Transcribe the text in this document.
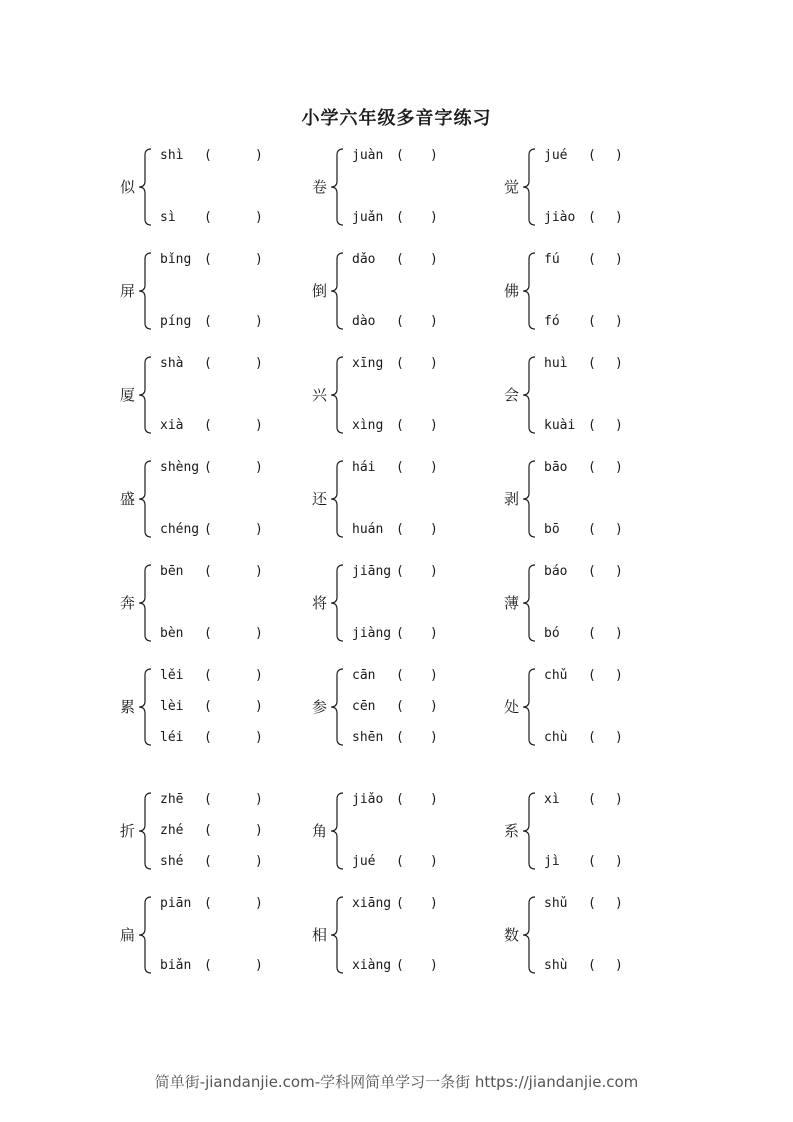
小学六年级多音字练习
似
shì (	)
sì (	)
屏
bǐng (	)
píng (	)
厦
shà (	)
xià (	)
盛
shèng (	)
chéng (	)
奔
bēn (	)
bèn (	)
累
lěi (	)
lèi (	)
léi (	)
折
zhē (	)
zhé (	)
shé (	)
扁
piān (	)
biǎn (	)
卷
juàn ( )
juǎn ( )
倒
dǎo ( )
dào ( )
兴
xīng ( )
xìng ( )
还
hái ( )
huán ( )
将
jiāng ( )
jiàng ( )
参
cān ( )
cēn ( )
shēn ( )
角
jiǎo ( )
jué ( )
相
xiāng ( )
xiàng ( )
觉
jué ( )
jiào ( )
佛
fú ( )
fó ( )
会
huì ( )
kuài ( )
剥
bāo ( )
bō ( )
薄
báo ( )
bó ( )
处
chǔ ( )
chù ( )
系
xì ( )
jì ( )
数
shǔ ( )
shù ( )
简单街-jiandanjie.com-学科网简单学习一条街 https://jiandanjie.com
